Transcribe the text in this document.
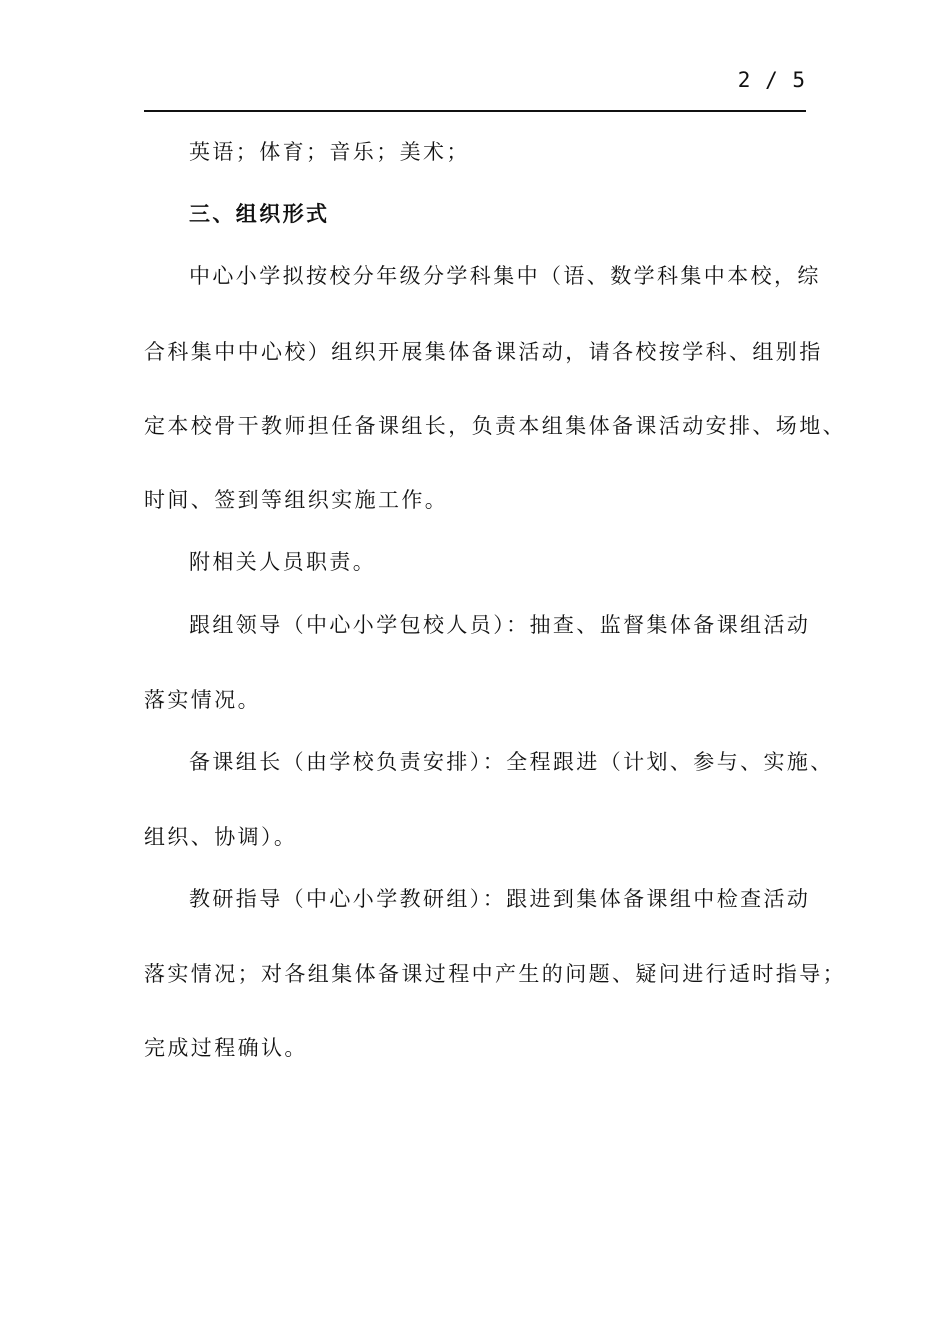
2 / 5
英语；体育；音乐；美术；
三、组织形式
中心小学拟按校分年级分学科集中（语、数学科集中本校，综
合科集中中心校）组织开展集体备课活动，请各校按学科、组别指
定本校骨干教师担任备课组长，负责本组集体备课活动安排、场地、
时间、签到等组织实施工作。
附相关人员职责。
跟组领导（中心小学包校人员）：抽查、监督集体备课组活动
落实情况。
备课组长（由学校负责安排）：全程跟进（计划、参与、实施、
组织、协调）。
教研指导（中心小学教研组）：跟进到集体备课组中检查活动
落实情况；对各组集体备课过程中产生的问题、疑问进行适时指导；
完成过程确认。
